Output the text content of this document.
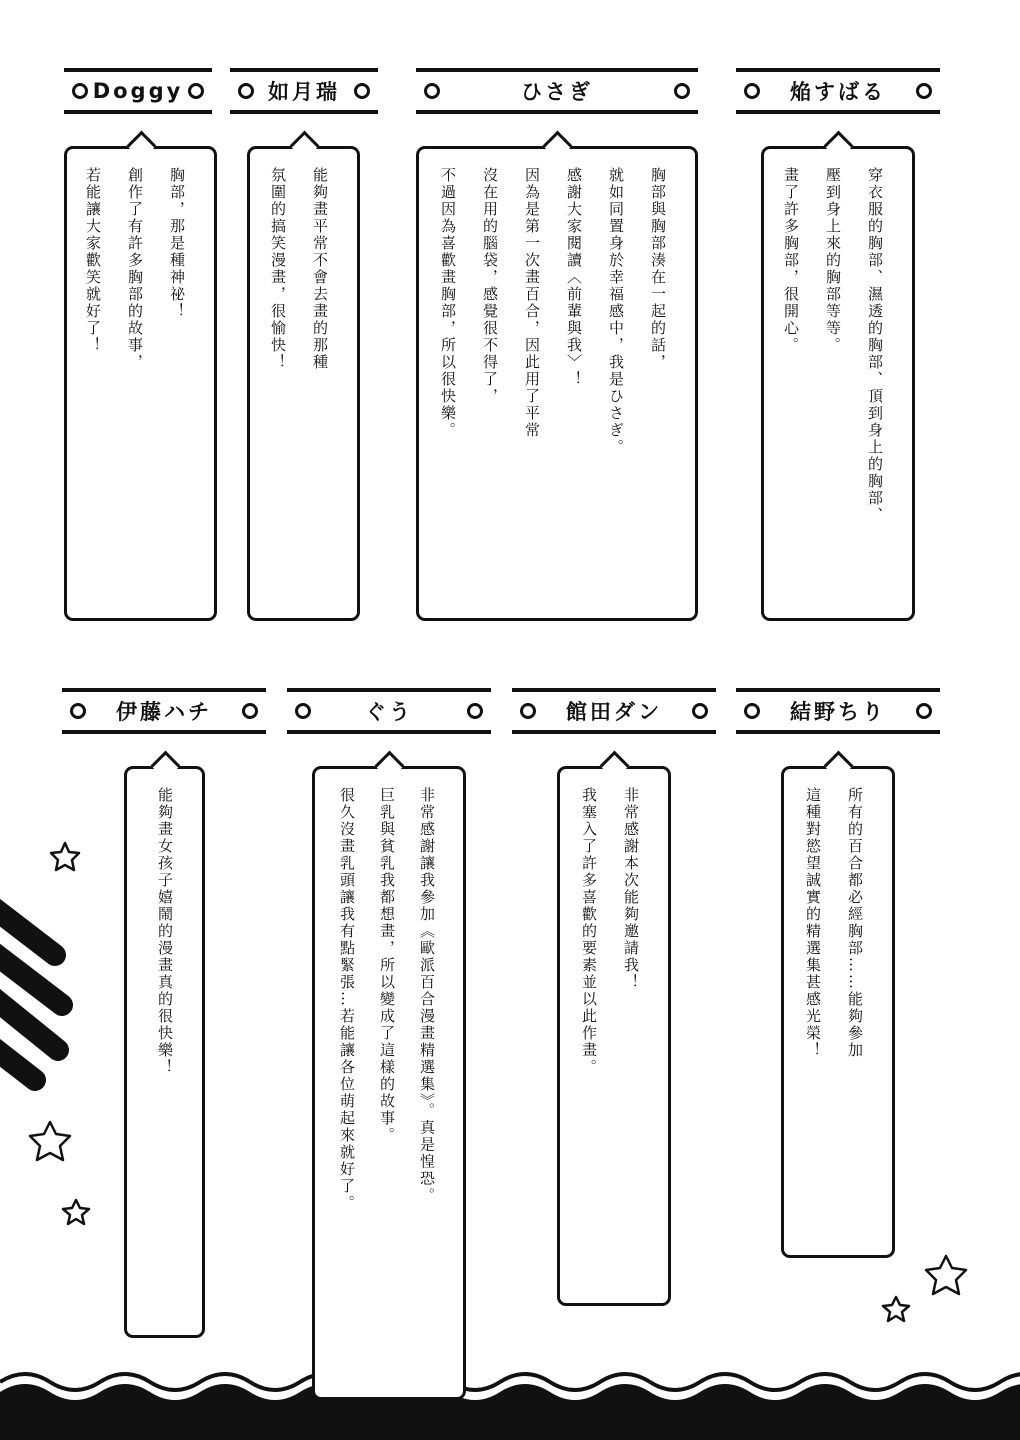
Doggy	如月瑞	ひさぎ	焔すばる
胸部，那是種神祕！
創作了有許多胸部的故事，
若能讓大家歡笑就好了！	能夠畫平常不會去畫的那種
氛圍的搞笑漫畫，很愉快！	胸部與胸部湊在一起的話，
就如同置身於幸福感中，我是ひさぎ。
感謝大家閱讀〈前輩與我〉！
因為是第一次畫百合，因此用了平常
沒在用的腦袋，感覺很不得了，
不過因為喜歡畫胸部，所以很快樂。	穿衣服的胸部、濕透的胸部、頂到身上的胸部、
壓到身上來的胸部等等。
畫了許多胸部，很開心。
伊藤ハチ	ぐう	館田ダン	結野ちり
能夠畫女孩子嬉鬧的漫畫真的很快樂！	非常感謝讓我參加《歐派百合漫畫精選集》。真是惶恐。
巨乳與貧乳我都想畫，所以變成了這樣的故事。
很久沒畫乳頭讓我有點緊張…若能讓各位萌起來就好了。	非常感謝本次能夠邀請我！
我塞入了許多喜歡的要素並以此作畫。	所有的百合都必經胸部……能夠參加
這種對慾望誠實的精選集甚感光榮！
